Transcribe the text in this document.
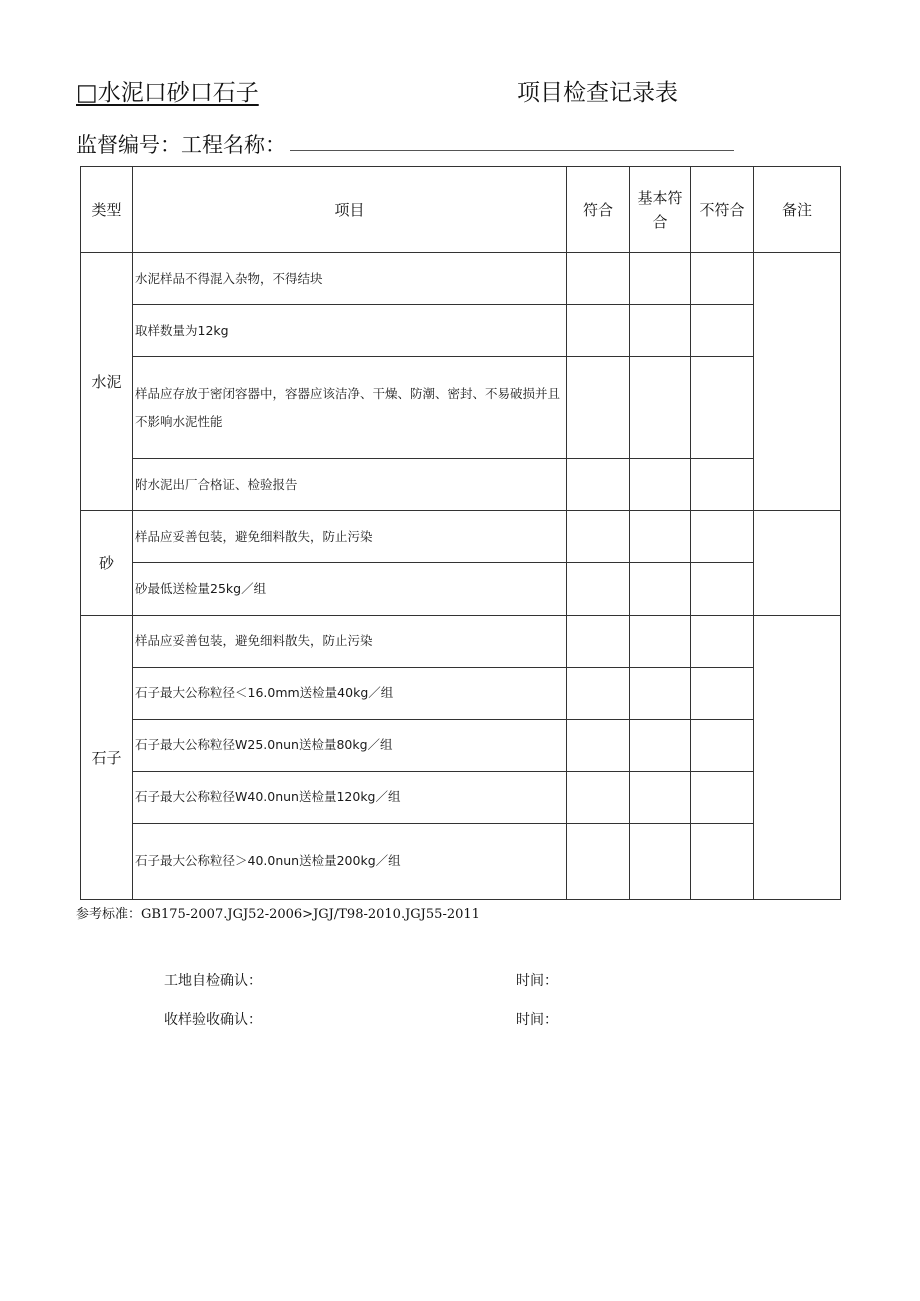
□水泥口砂口石子	项目检查记录表
监督编号：工程名称：
类型	项目	符合	基本符合	不符合	备注
水泥	水泥样品不得混入杂物，不得结块				
	取样数量为12kg				
	样品应存放于密闭容器中，容器应该洁净、干燥、防潮、密封、不易破损并且不影响水泥性能				
	附水泥出厂合格证、检验报告				
砂	样品应妥善包装，避免细料散失，防止污染				
	砂最低送检量25kg／组				
石子	样品应妥善包装，避免细料散失，防止污染				
	石子最大公称粒径＜16.0mm送检量40kg／组				
	石子最大公称粒径W25.0nun送检量80kg／组				
	石子最大公称粒径W40.0nun送检量120kg／组				
	石子最大公称粒径＞40.0nun送检量200kg／组				
参考标准：GB175-2007.JGJ52-2006>JGJ/T98-2010.JGJ55-2011
工地自检确认：	时间：
收样验收确认：	时间：
